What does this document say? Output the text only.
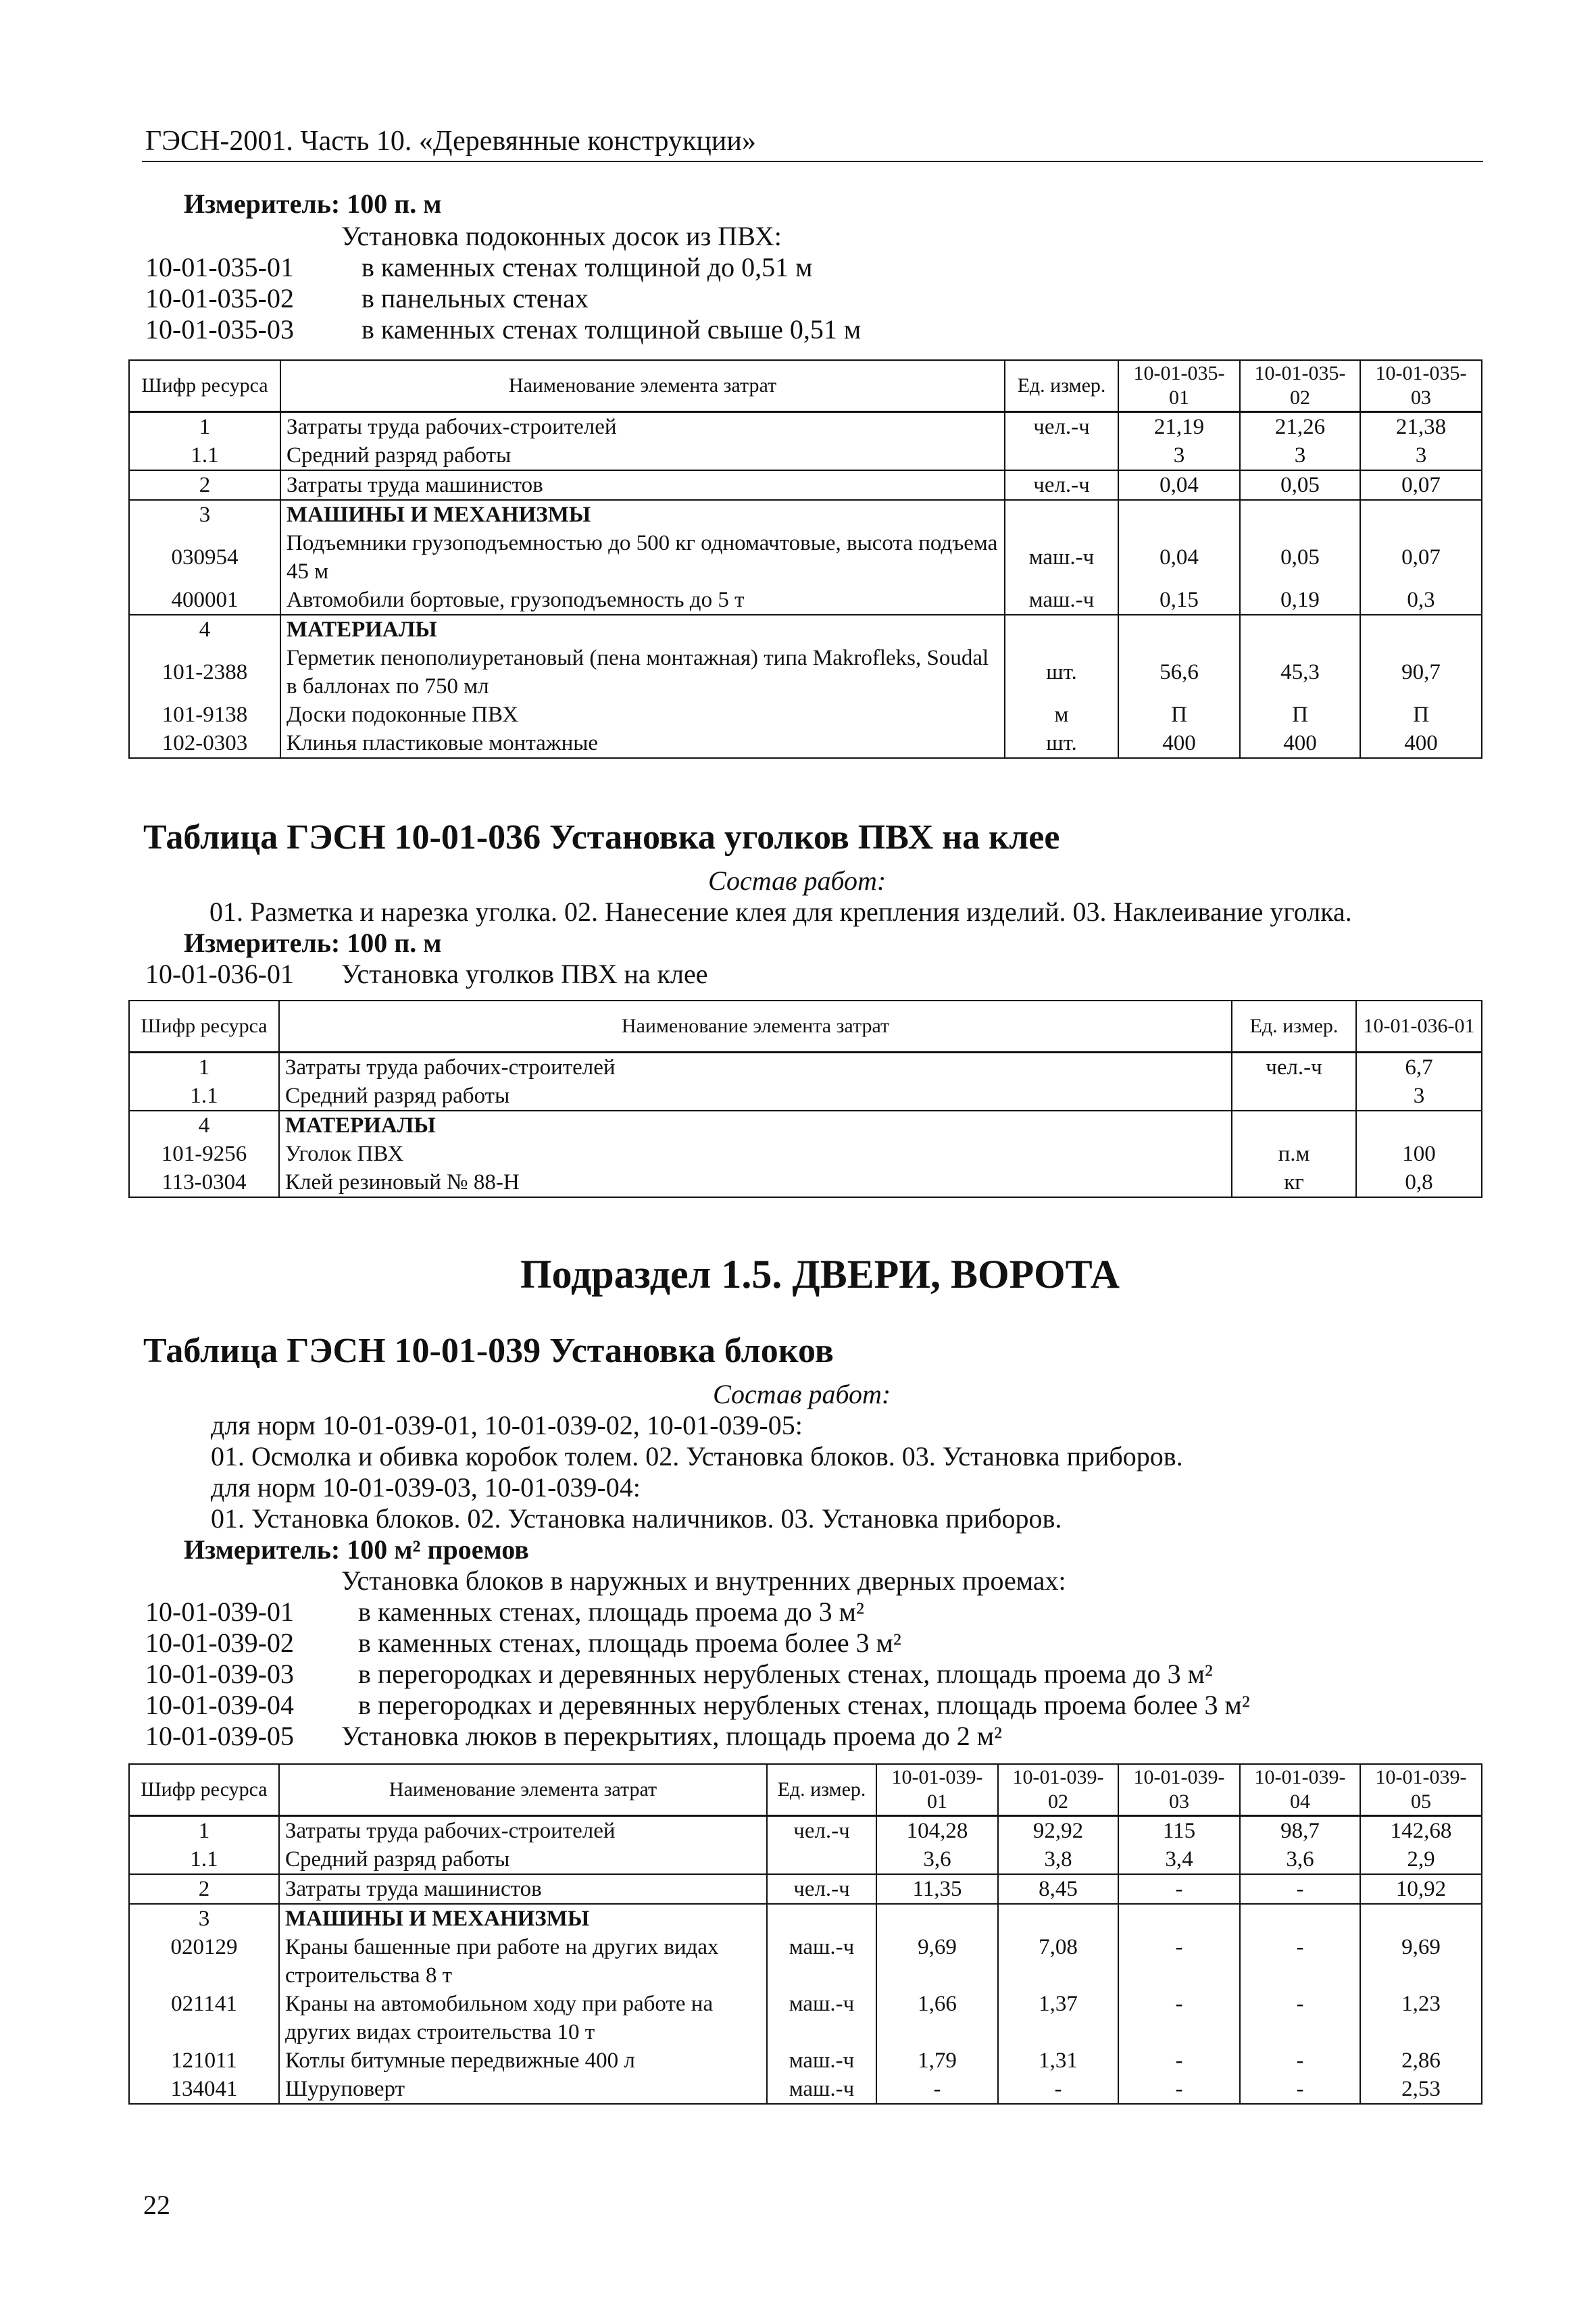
ГЭСН-2001. Часть 10. «Деревянные конструкции»
Измеритель: 100 п. м
Установка подоконных досок из ПВХ:
10-01-035-01	в каменных стенах толщиной до 0,51 м
10-01-035-02	в панельных стенах
10-01-035-03	в каменных стенах толщиной свыше 0,51 м
Шифр ресурса	Наименование элемента затрат	Ед. измер.	10-01-035-01	10-01-035-02	10-01-035-03
1	Затраты труда рабочих-строителей	чел.-ч	21,19	21,26	21,38
1.1	Средний разряд работы		3	3	3
2	Затраты труда машинистов	чел.-ч	0,04	0,05	0,07
3	МАШИНЫ И МЕХАНИЗМЫ				
030954	Подъемники грузоподъемностью до 500 кг одномачтовые, высота подъема 45 м	маш.-ч	0,04	0,05	0,07
400001	Автомобили бортовые, грузоподъемность до 5 т	маш.-ч	0,15	0,19	0,3
4	МАТЕРИАЛЫ				
101-2388	Герметик пенополиуретановый (пена монтажная) типа Makroflеks, Soudal в баллонах по 750 мл	шт.	56,6	45,3	90,7
101-9138	Доски подоконные ПВХ	м	П	П	П
102-0303	Клинья пластиковые монтажные	шт.	400	400	400
Таблица ГЭСН 10-01-036 Установка уголков ПВХ на клее
Состав работ:
01. Разметка и нарезка уголка. 02. Нанесение клея для крепления изделий. 03. Наклеивание уголка.
Измеритель: 100 п. м
10-01-036-01 Установка уголков ПВХ на клее
Шифр ресурса	Наименование элемента затрат	Ед. измер.	10-01-036-01
1	Затраты труда рабочих-строителей	чел.-ч	6,7
1.1	Средний разряд работы		3
4	МАТЕРИАЛЫ		
101-9256	Уголок ПВХ	п.м	100
113-0304	Клей резиновый № 88-Н	кг	0,8
Подраздел 1.5. ДВЕРИ, ВОРОТА
Таблица ГЭСН 10-01-039 Установка блоков
Состав работ:
для норм 10-01-039-01, 10-01-039-02, 10-01-039-05:
01. Осмолка и обивка коробок толем. 02. Установка блоков. 03. Установка приборов.
для норм 10-01-039-03, 10-01-039-04:
01. Установка блоков. 02. Установка наличников. 03. Установка приборов.
Измеритель: 100 м² проемов
Установка блоков в наружных и внутренних дверных проемах:
10-01-039-01 в каменных стенах, площадь проема до 3 м²
10-01-039-02 в каменных стенах, площадь проема более 3 м²
10-01-039-03 в перегородках и деревянных нерубленых стенах, площадь проема до 3 м²
10-01-039-04 в перегородках и деревянных нерубленых стенах, площадь проема более 3 м²
10-01-039-05 Установка люков в перекрытиях, площадь проема до 2 м²
Шифр ресурса	Наименование элемента затрат	Ед. измер.	10-01-039-01	10-01-039-02	10-01-039-03	10-01-039-04	10-01-039-05
1	Затраты труда рабочих-строителей	чел.-ч	104,28	92,92	115	98,7	142,68
1.1	Средний разряд работы		3,6	3,8	3,4	3,6	2,9
2	Затраты труда машинистов	чел.-ч	11,35	8,45	-	-	10,92
3	МАШИНЫ И МЕХАНИЗМЫ						
020129	Краны башенные при работе на других видах строительства 8 т	маш.-ч	9,69	7,08	-	-	9,69
021141	Краны на автомобильном ходу при работе на других видах строительства 10 т	маш.-ч	1,66	1,37	-	-	1,23
121011	Котлы битумные передвижные 400 л	маш.-ч	1,79	1,31	-	-	2,86
134041	Шуруповерт	маш.-ч	-	-	-	-	2,53
22
